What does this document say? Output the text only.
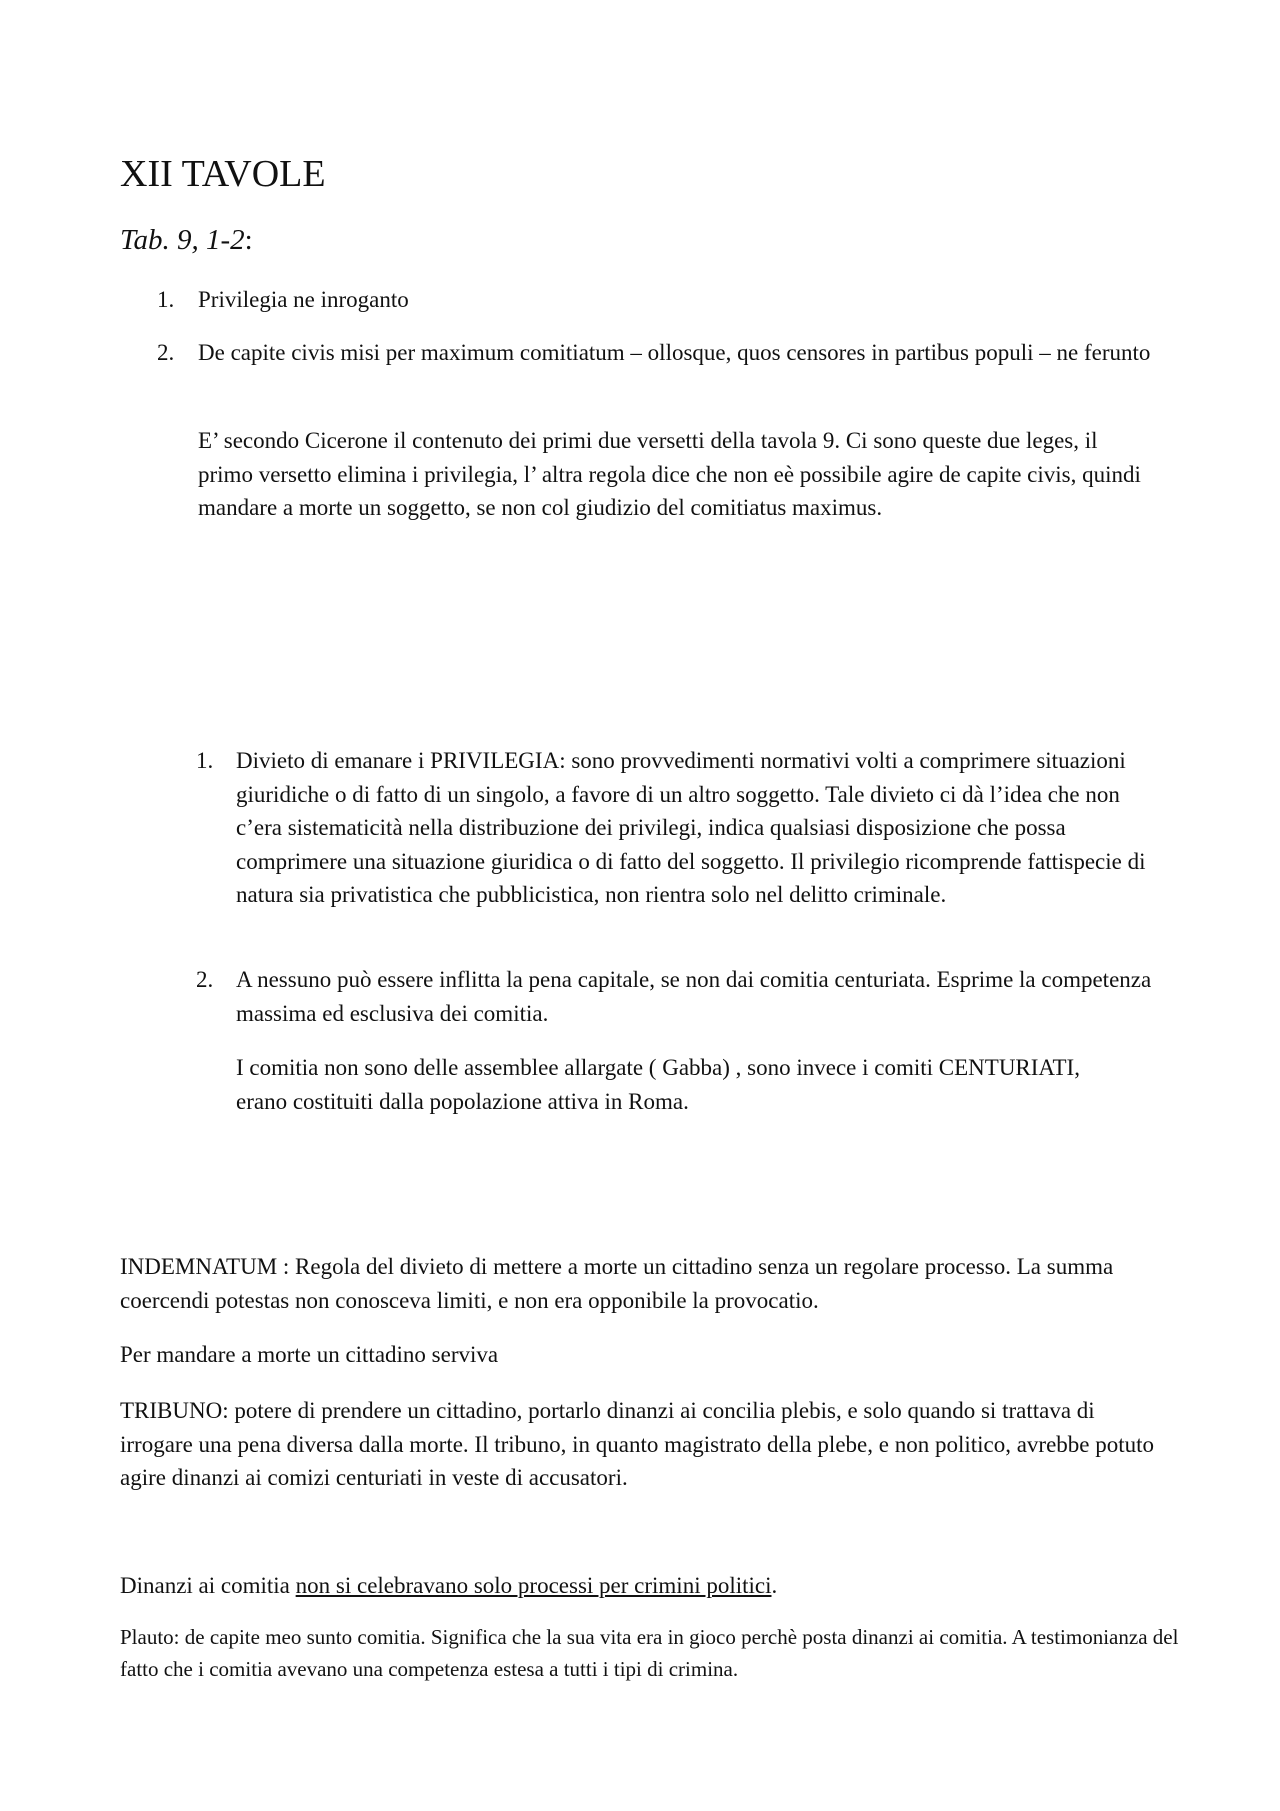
XII TAVOLE
Tab. 9, 1-2:
1. Privilegia ne inroganto
2. De capite civis misi per maximum comitiatum – ollosque, quos censores in partibus populi – ne ferunto
E’ secondo Cicerone il contenuto dei primi due versetti della tavola 9. Ci sono queste due leges, il primo versetto elimina i privilegia, l’ altra regola dice che non eè possibile agire de capite civis, quindi mandare a morte un soggetto, se non col giudizio del comitiatus maximus.
1. Divieto di emanare i PRIVILEGIA: sono provvedimenti normativi volti a comprimere situazioni giuridiche o di fatto di un singolo, a favore di un altro soggetto. Tale divieto ci dà l’idea che non c’era sistematicità nella distribuzione dei privilegi, indica qualsiasi disposizione che possa comprimere una situazione giuridica o di fatto del soggetto. Il privilegio ricomprende fattispecie di natura sia privatistica che pubblicistica, non rientra solo nel delitto criminale.
2. A nessuno può essere inflitta la pena capitale, se non dai comitia centuriata. Esprime la competenza massima ed esclusiva dei comitia.
I comitia non sono delle assemblee allargate ( Gabba) , sono invece i comiti CENTURIATI, erano costituiti dalla popolazione attiva in Roma.
INDEMNATUM : Regola del divieto di mettere a morte un cittadino senza un regolare processo. La summa coercendi potestas non conosceva limiti, e non era opponibile la provocatio.
Per mandare a morte un cittadino serviva
TRIBUNO: potere di prendere un cittadino, portarlo dinanzi ai concilia plebis, e solo quando si trattava di irrogare una pena diversa dalla morte. Il tribuno, in quanto magistrato della plebe, e non politico, avrebbe potuto agire dinanzi ai comizi centuriati in veste di accusatori.
Dinanzi ai comitia non si celebravano solo processi per crimini politici.
Plauto: de capite meo sunto comitia. Significa che la sua vita era in gioco perchè posta dinanzi ai comitia. A testimonianza del fatto che i comitia avevano una competenza estesa a tutti i tipi di crimina.
